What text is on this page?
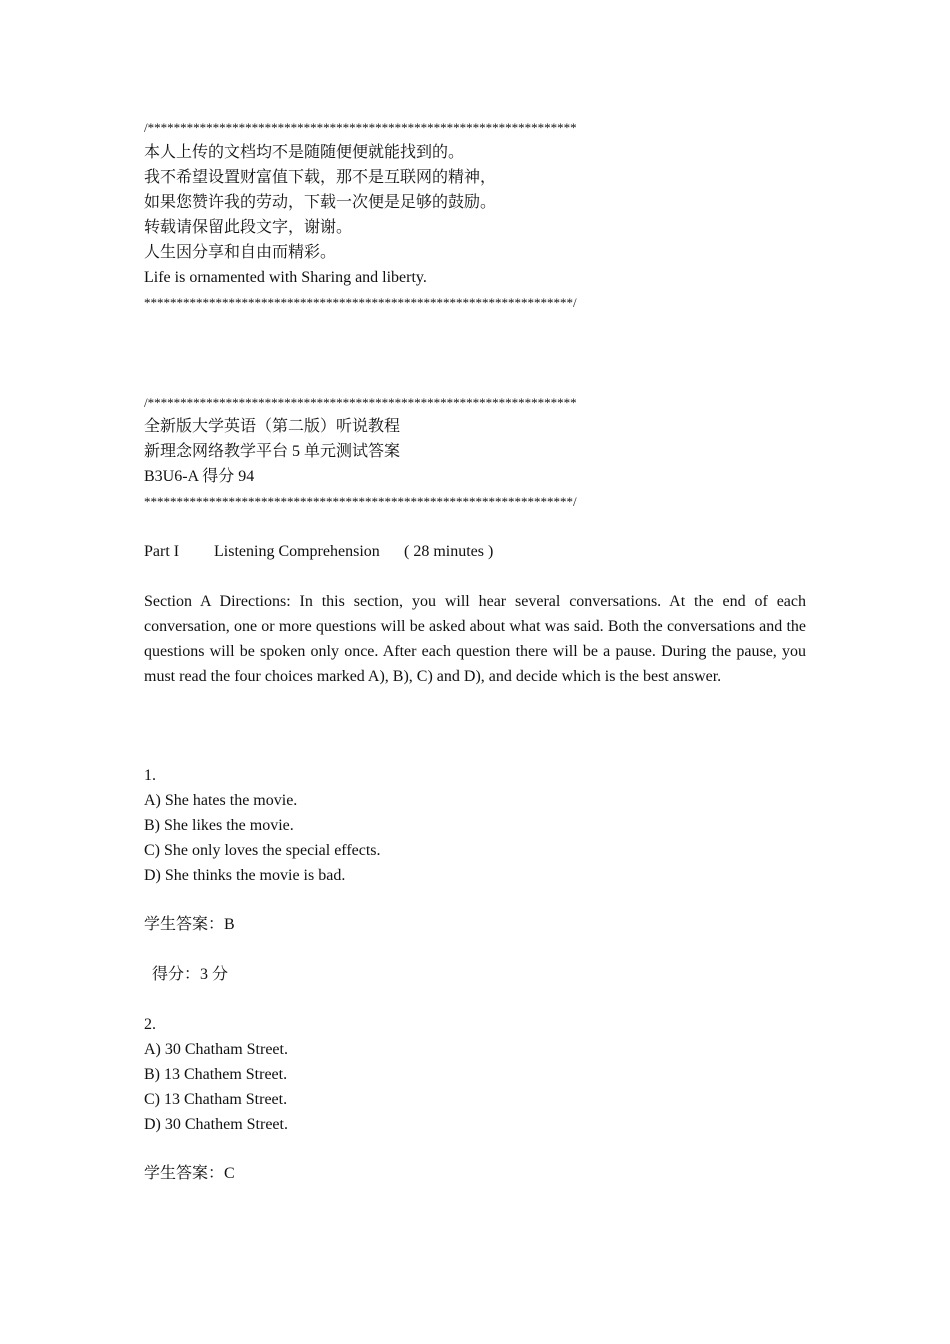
/******************************************************************
本人上传的文档均不是随随便便就能找到的。
我不希望设置财富值下载，那不是互联网的精神，
如果您赞许我的劳动，下载一次便是足够的鼓励。
转载请保留此段文字，谢谢。
人生因分享和自由而精彩。
Life is ornamented with Sharing and liberty.
******************************************************************/
/******************************************************************
全新版大学英语（第二版）听说教程
新理念网络教学平台 5 单元测试答案
B3U6-A 得分 94
******************************************************************/
Part I Listening Comprehension ( 28 minutes )
Section A Directions: In this section, you will hear several conversations. At the end of each conversation, one or more questions will be asked about what was said. Both the conversations and the questions will be spoken only once. After each question there will be a pause. During the pause, you must read the four choices marked A), B), C) and D), and decide which is the best answer.
1.
A) She hates the movie.
B) She likes the movie.
C) She only loves the special effects.
D) She thinks the movie is bad.
学生答案：B
得分：3 分
2.
A) 30 Chatham Street.
B) 13 Chathem Street.
C) 13 Chatham Street.
D) 30 Chathem Street.
学生答案：C
